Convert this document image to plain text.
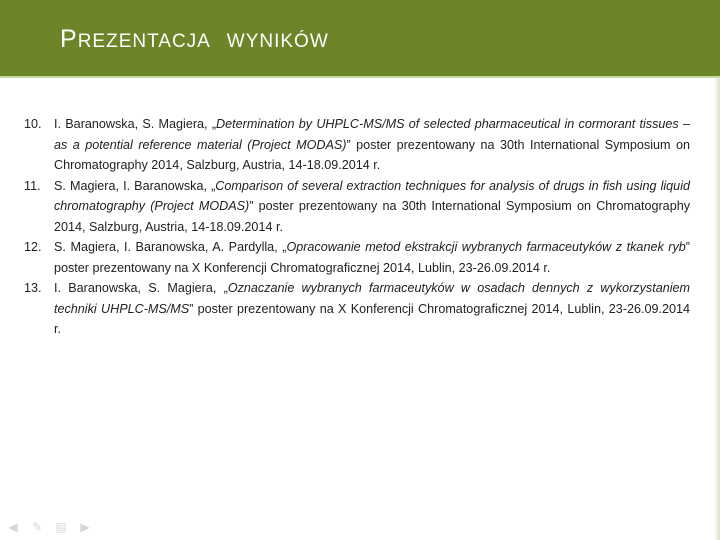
PREZENTACJA WYNIKÓW
10. I. Baranowska, S. Magiera, „Determination by UHPLC-MS/MS of selected pharmaceutical in cormorant tissues – as a potential reference material (Project MODAS)” poster prezentowany na 30th International Symposium on Chromatography 2014, Salzburg, Austria, 14-18.09.2014 r.
11. S. Magiera, I. Baranowska, „Comparison of several extraction techniques for analysis of drugs in fish using liquid chromatography (Project MODAS)” poster prezentowany na 30th International Symposium on Chromatography 2014, Salzburg, Austria, 14-18.09.2014 r.
12. S. Magiera, I. Baranowska, A. Pardylla, „Opracowanie metod ekstrakcji wybranych farmaceutyków z tkanek ryb” poster prezentowany na X Konferencji Chromatograficznej 2014, Lublin, 23-26.09.2014 r.
13. I. Baranowska, S. Magiera, „Oznaczanie wybranych farmaceutyków w osadach dennych z wykorzystaniem techniki UHPLC-MS/MS” poster prezentowany na X Konferencji Chromatograficznej 2014, Lublin, 23-26.09.2014 r.
◀ ✎ ▤ ▶
